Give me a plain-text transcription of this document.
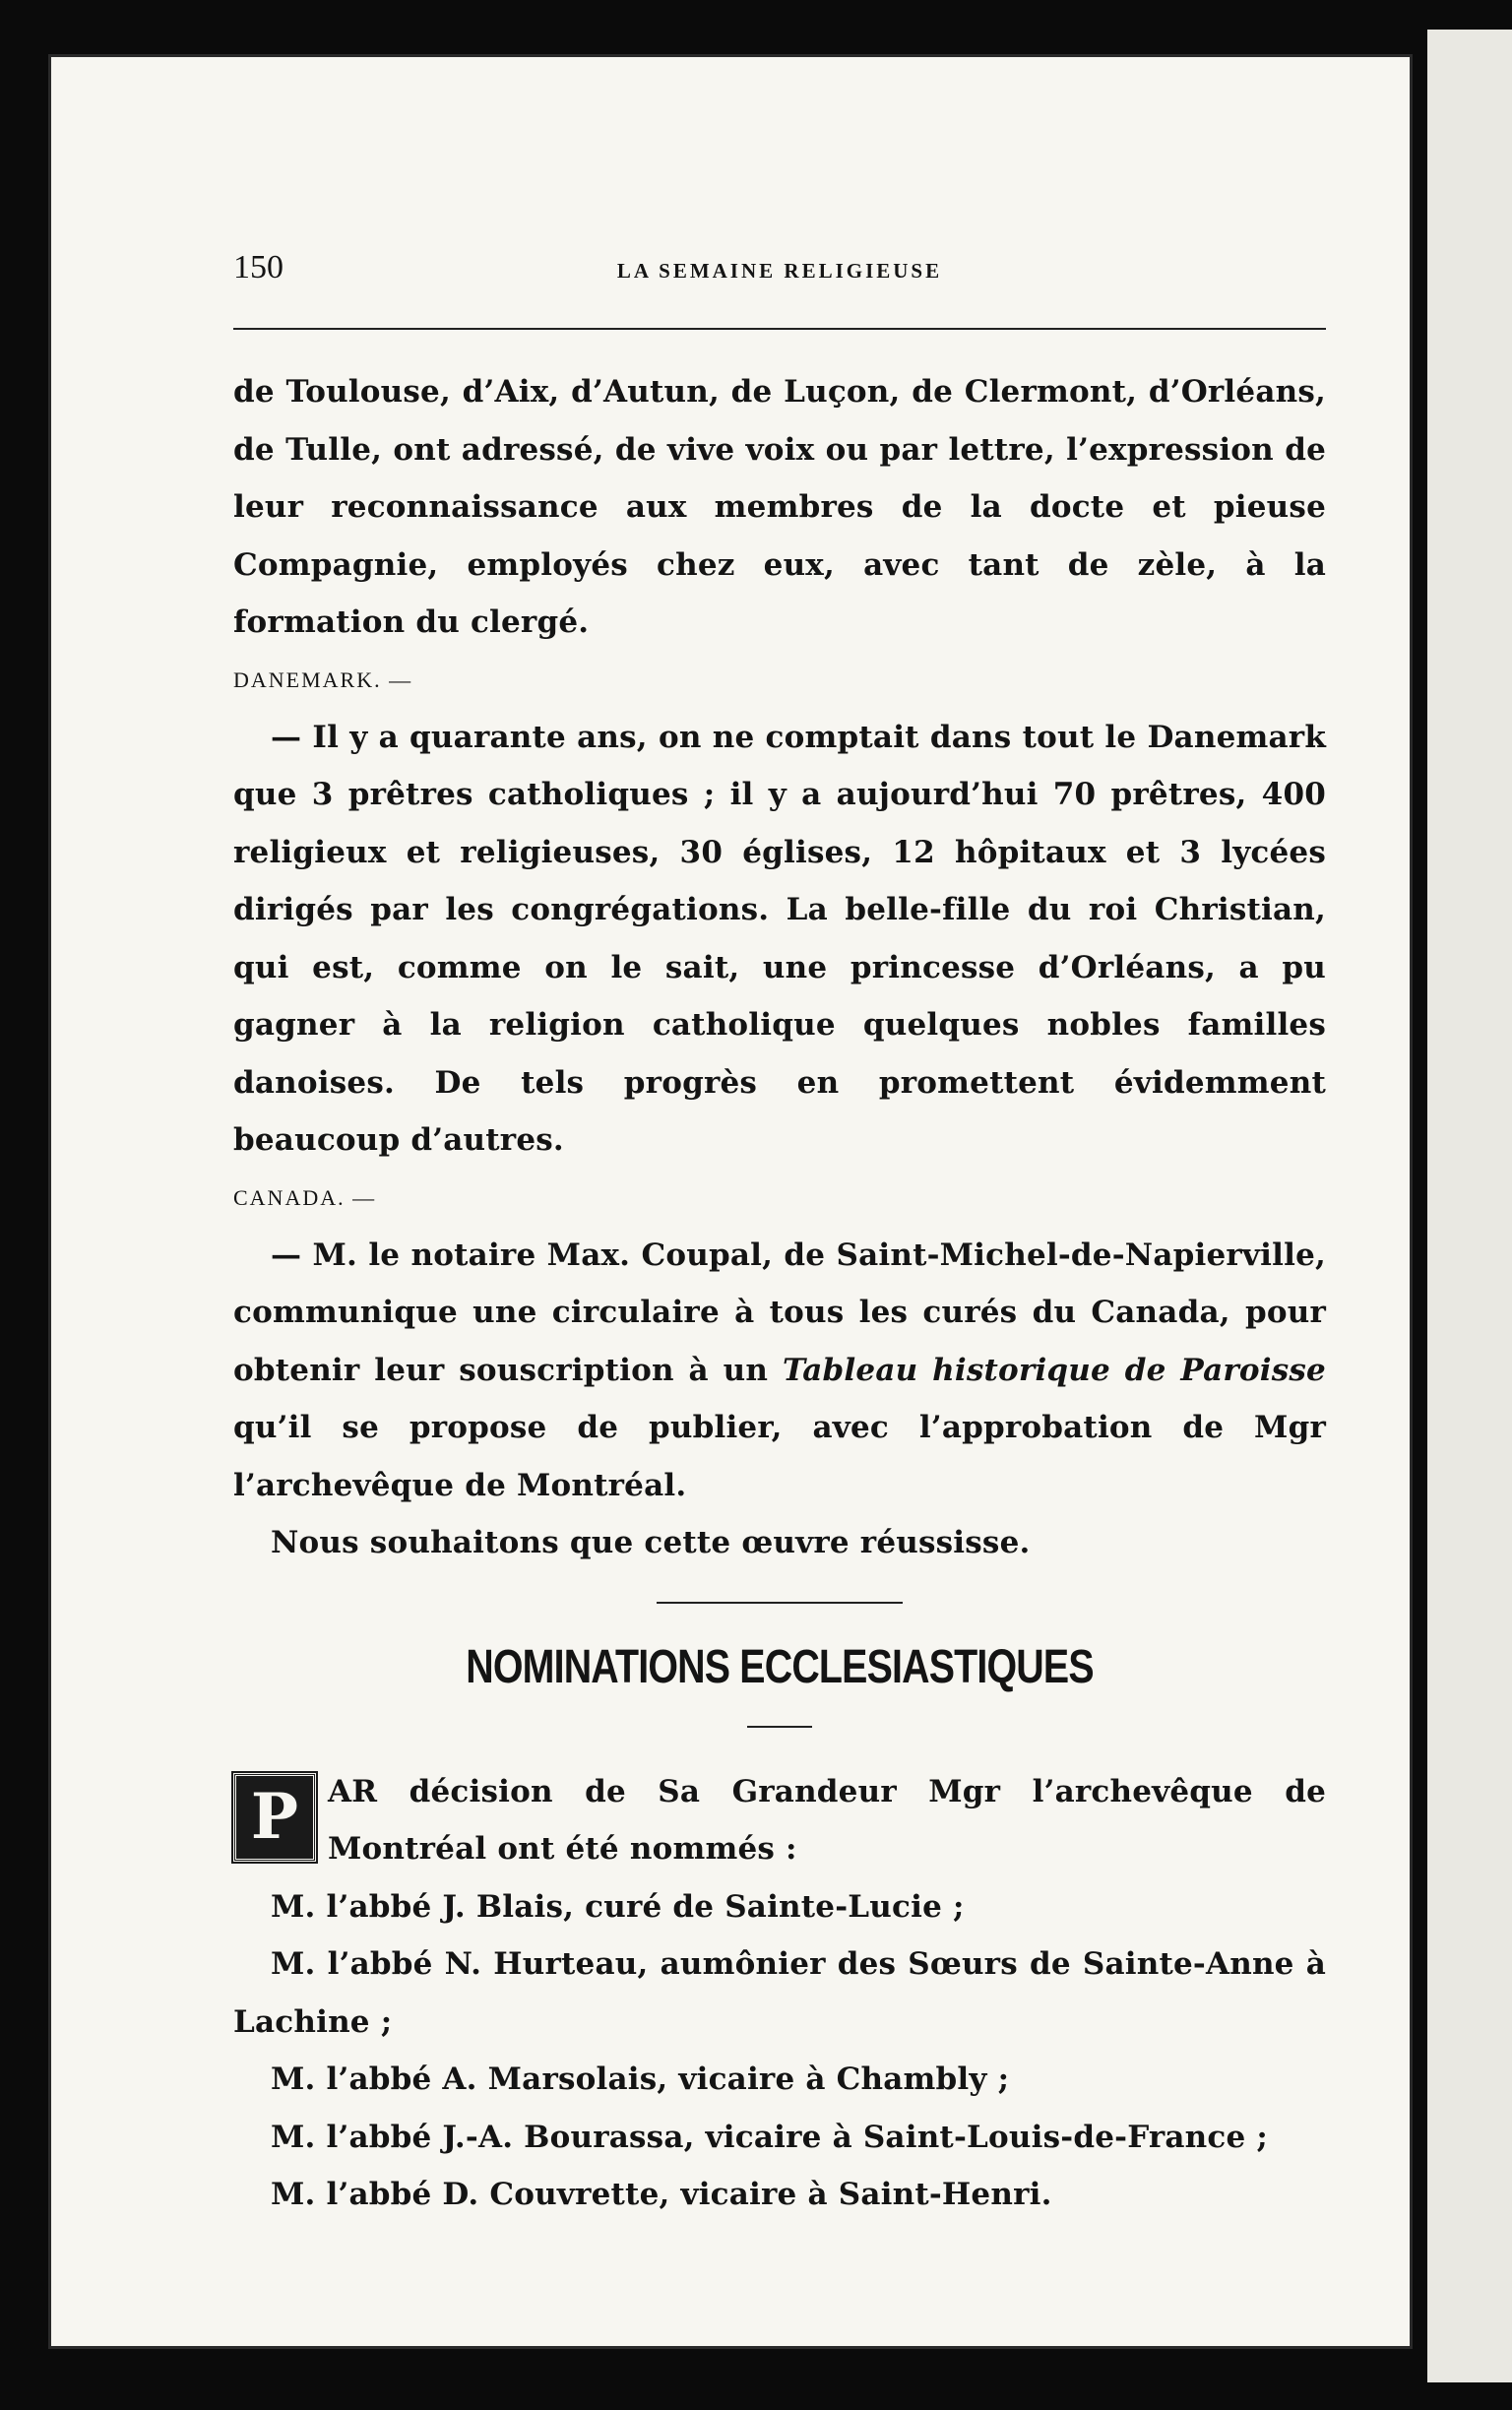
150	LA SEMAINE RELIGIEUSE

de Toulouse, d’Aix, d’Autun, de Luçon, de Clermont, d’Orléans, de Tulle, ont adressé, de vive voix ou par lettre, l’expression de leur reconnaissance aux membres de la docte et pieuse Compagnie, employés chez eux, avec tant de zèle, à la formation du clergé.

DANEMARK. —

— Il y a quarante ans, on ne comptait dans tout le Danemark que 3 prêtres catholiques ; il y a aujourd’hui 70 prêtres, 400 religieux et religieuses, 30 églises, 12 hôpitaux et 3 lycées dirigés par les congrégations. La belle-fille du roi Christian, qui est, comme on le sait, une princesse d’Orléans, a pu gagner à la religion catholique quelques nobles familles danoises. De tels progrès en promettent évidemment beaucoup d’autres.

CANADA. —

— M. le notaire Max. Coupal, de Saint-Michel-de-Napierville, communique une circulaire à tous les curés du Canada, pour obtenir leur souscription à un Tableau historique de Paroisse qu’il se propose de publier, avec l’approbation de Mgr l’archevêque de Montréal.

Nous souhaitons que cette œuvre réussisse.

NOMINATIONS ECCLESIASTIQUES

P AR décision de Sa Grandeur Mgr l’archevêque de Montréal ont été nommés :

M. l’abbé J. Blais, curé de Sainte-Lucie ;

M. l’abbé N. Hurteau, aumônier des Sœurs de Sainte-Anne à Lachine ;

M. l’abbé A. Marsolais, vicaire à Chambly ;

M. l’abbé J.-A. Bourassa, vicaire à Saint-Louis-de-France ;

M. l’abbé D. Couvrette, vicaire à Saint-Henri.
